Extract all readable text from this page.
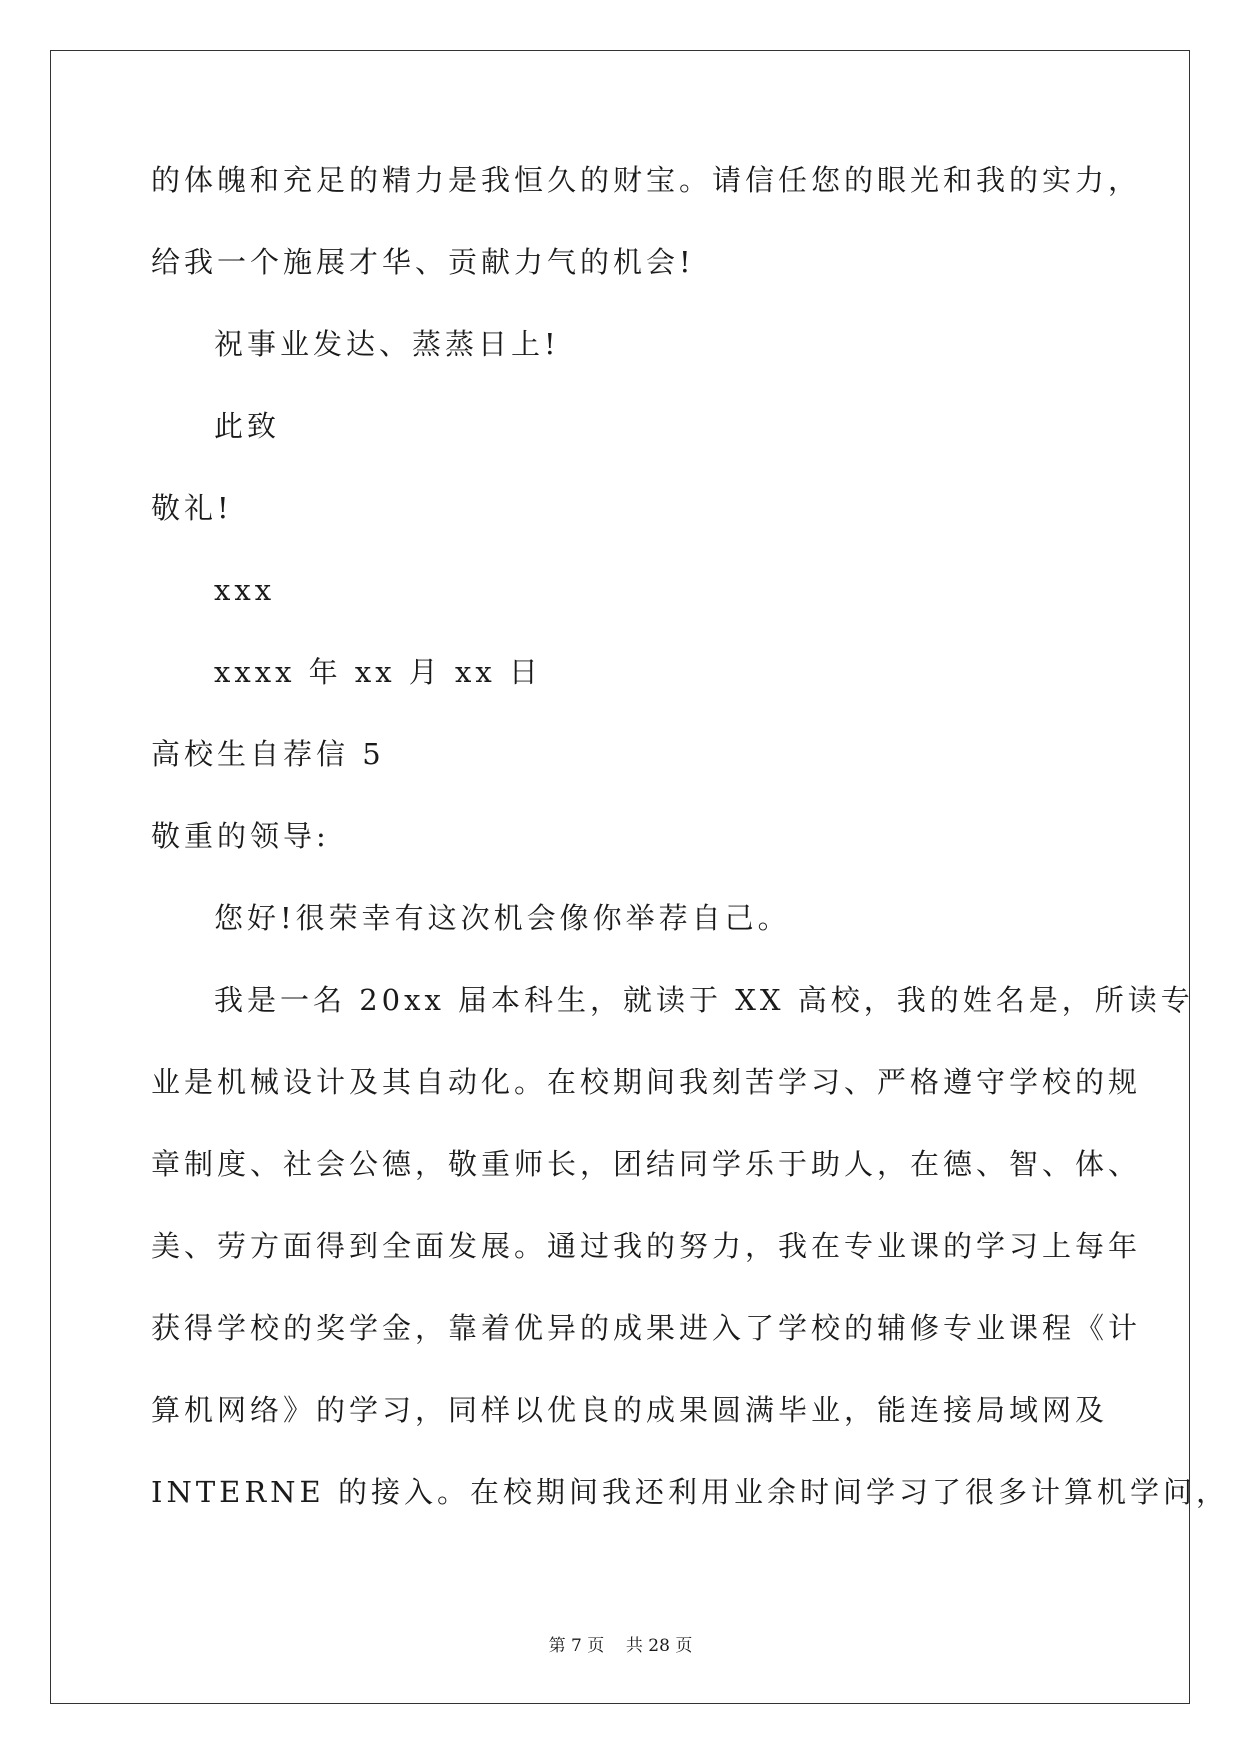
的体魄和充足的精力是我恒久的财宝。请信任您的眼光和我的实力，
给我一个施展才华、贡献力气的机会!
祝事业发达、蒸蒸日上!
此致
敬礼!
xxx
xxxx 年 xx 月 xx 日
高校生自荐信 5
敬重的领导:
您好!很荣幸有这次机会像你举荐自己。
我是一名 20xx 届本科生，就读于 XX 高校，我的姓名是，所读专
业是机械设计及其自动化。在校期间我刻苦学习、严格遵守学校的规
章制度、社会公德，敬重师长，团结同学乐于助人，在德、智、体、
美、劳方面得到全面发展。通过我的努力，我在专业课的学习上每年
获得学校的奖学金，靠着优异的成果进入了学校的辅修专业课程《计
算机网络》的学习，同样以优良的成果圆满毕业，能连接局域网及
INTERNE 的接入。在校期间我还利用业余时间学习了很多计算机学问，
第 7 页 共 28 页
